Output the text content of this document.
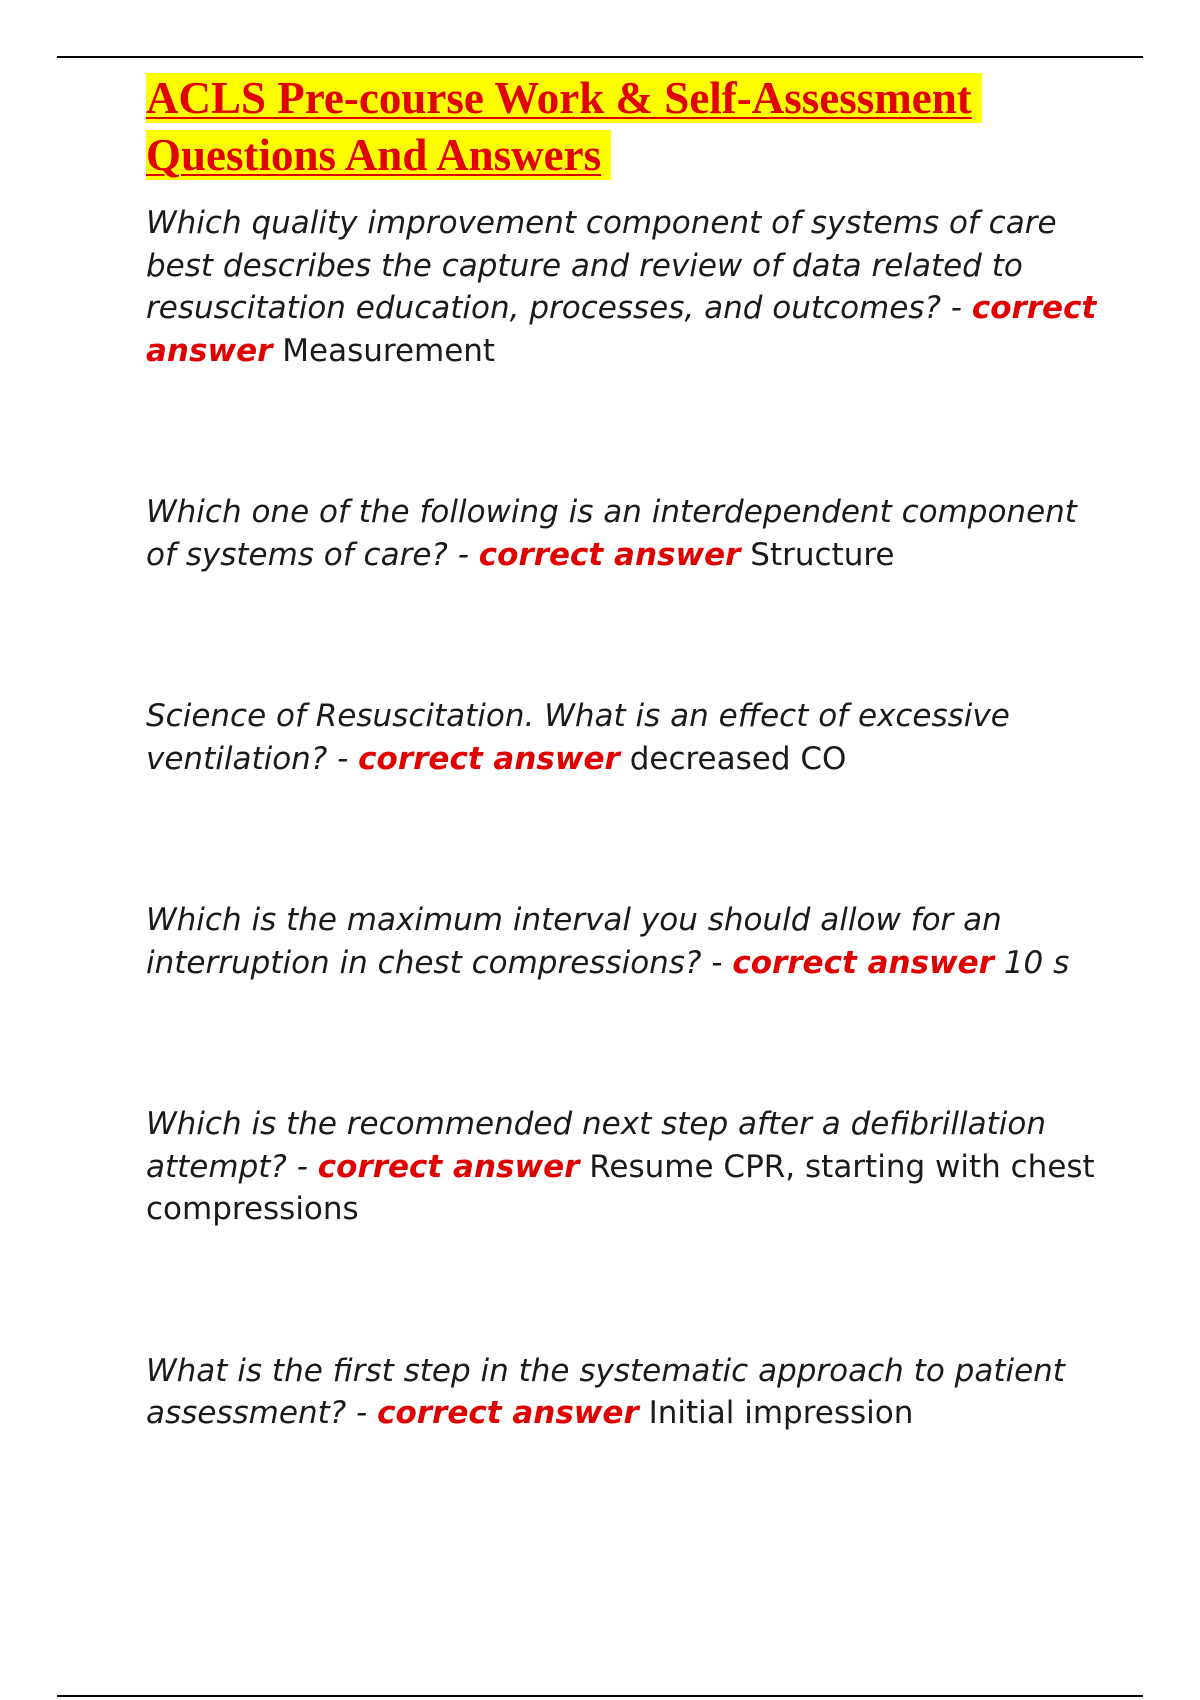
ACLS Pre-course Work & Self-Assessment
Questions And Answers

Which quality improvement component of systems of care best describes the capture and review of data related to resuscitation education, processes, and outcomes? - correct answer Measurement

Which one of the following is an interdependent component of systems of care? - correct answer Structure

Science of Resuscitation. What is an effect of excessive ventilation? - correct answer decreased CO

Which is the maximum interval you should allow for an interruption in chest compressions? - correct answer 10 s

Which is the recommended next step after a defibrillation attempt? - correct answer Resume CPR, starting with chest compressions

What is the first step in the systematic approach to patient assessment? - correct answer Initial impression
